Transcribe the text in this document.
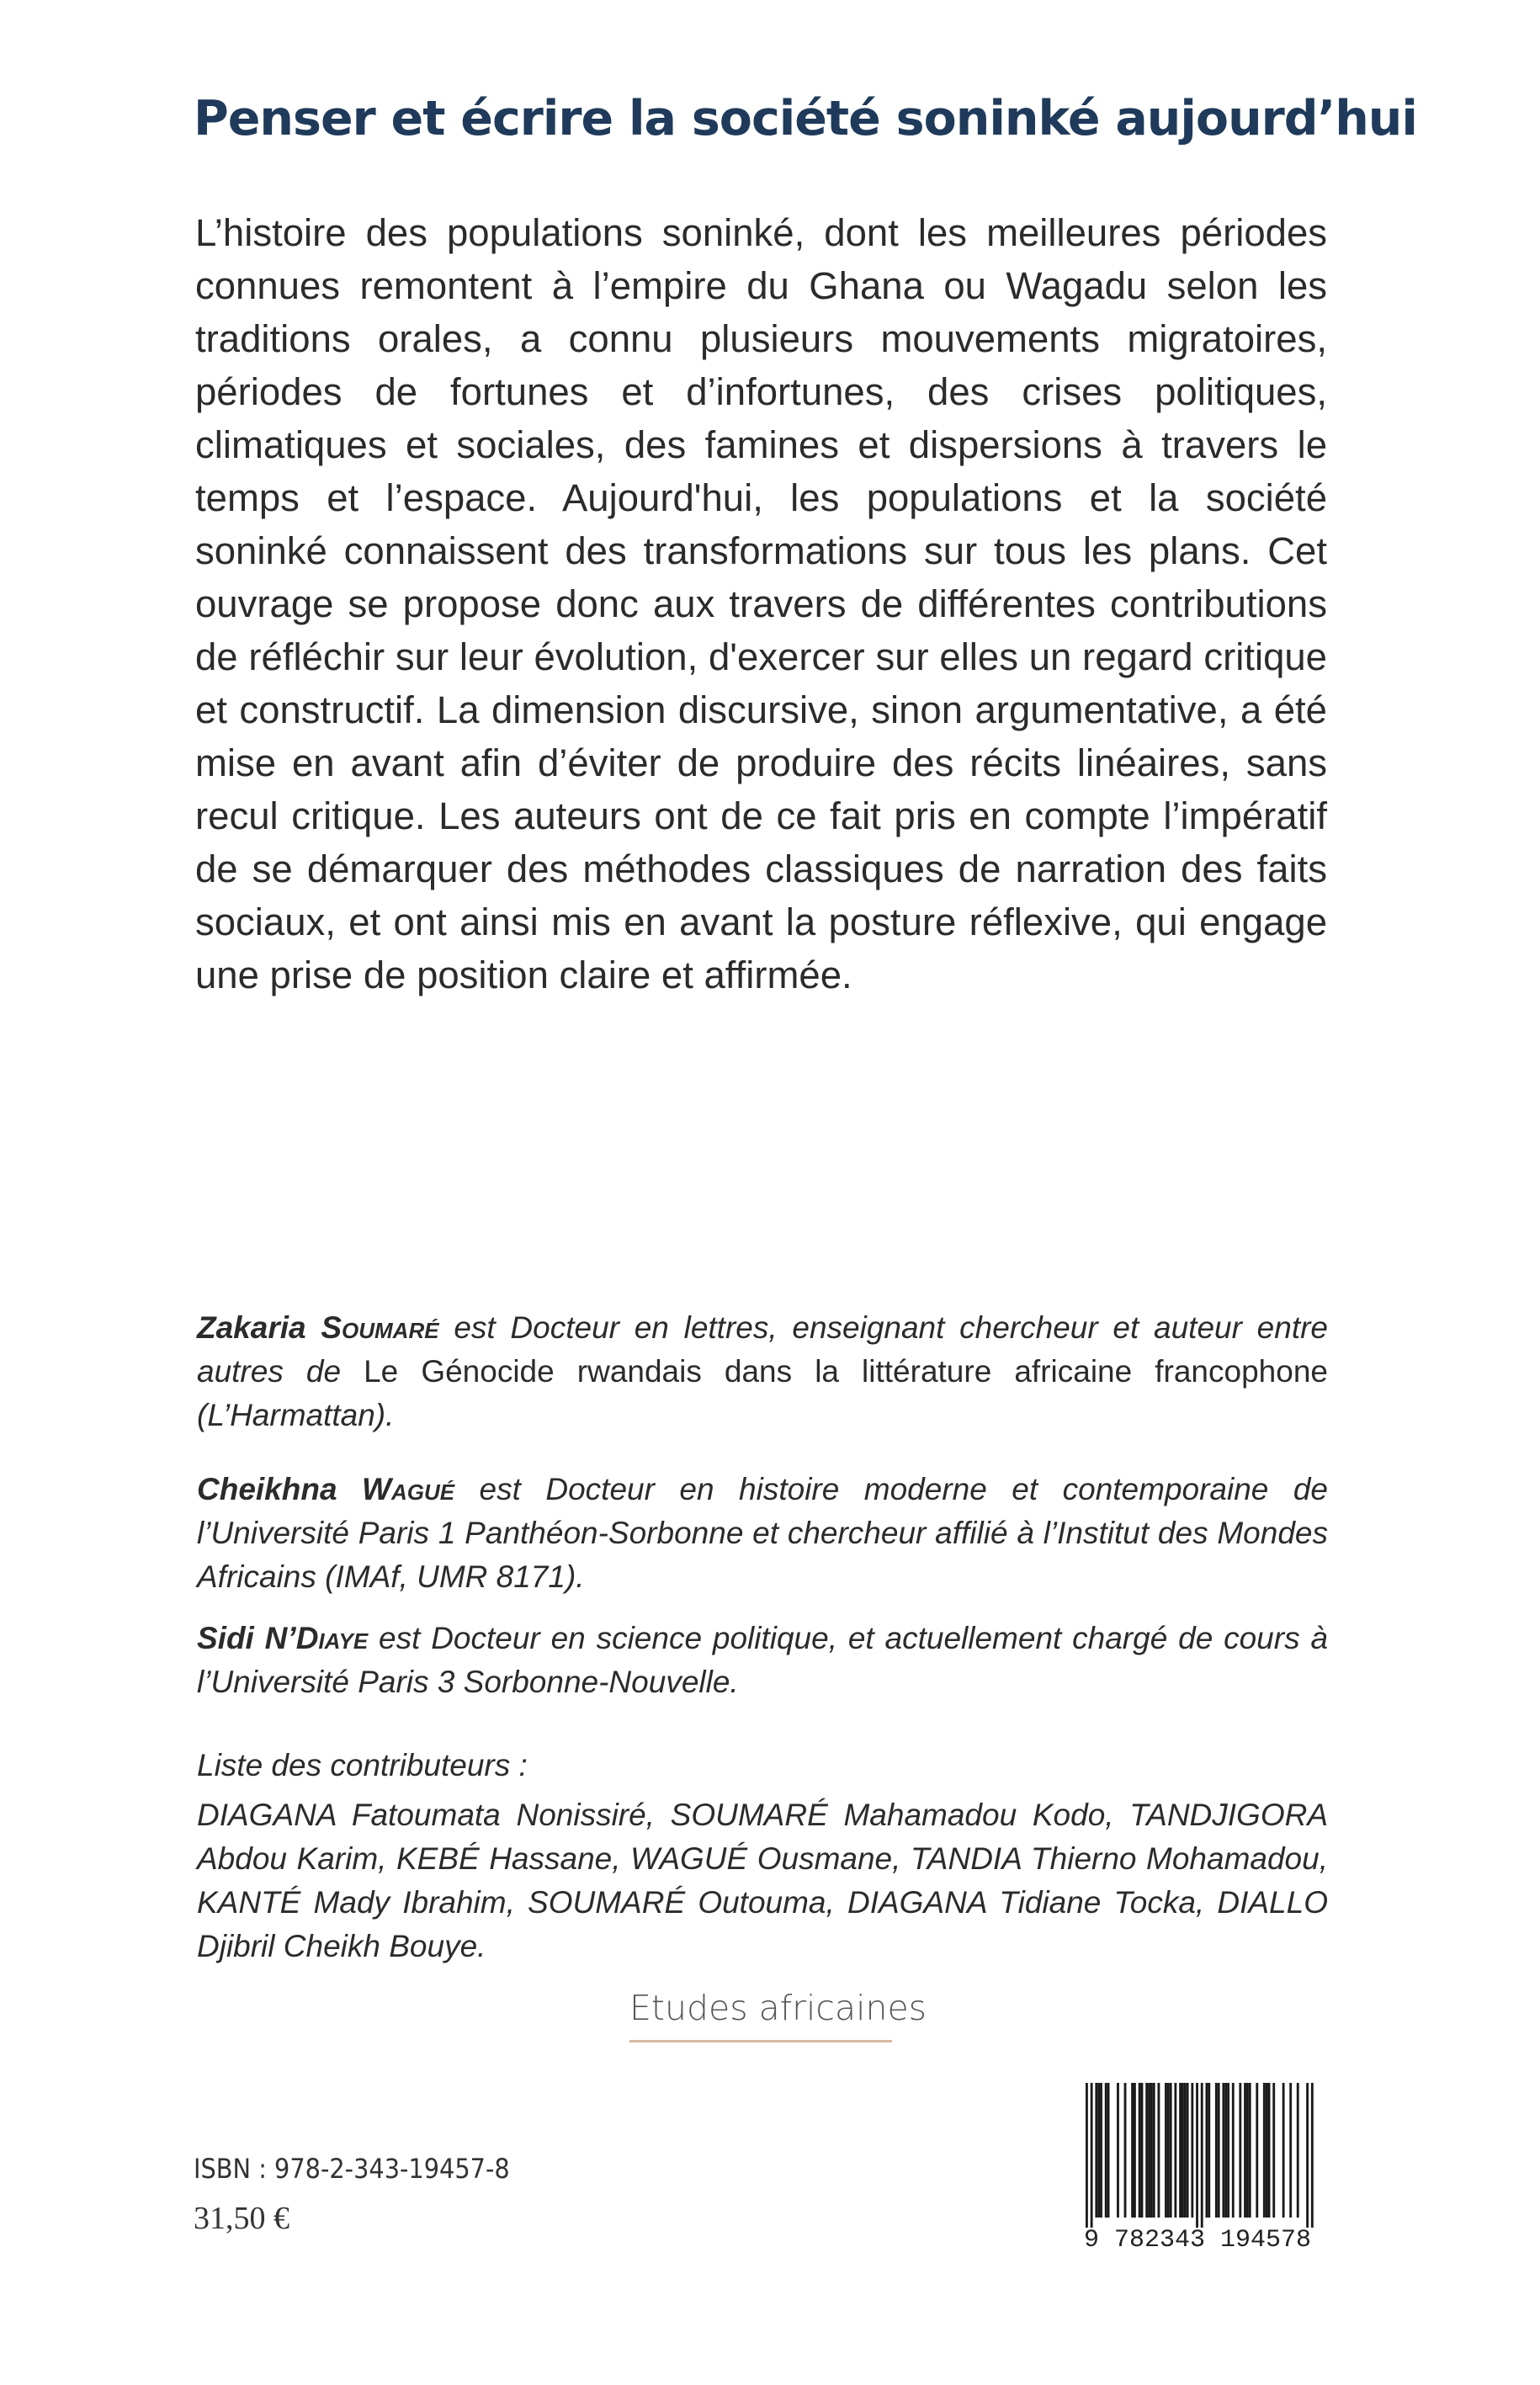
Penser et écrire la société soninké aujourd’hui

L’histoire des populations soninké, dont les meilleures périodes connues remontent à l’empire du Ghana ou Wagadu selon les traditions orales, a connu plusieurs mouvements migratoires, périodes de fortunes et d’infortunes, des crises politiques, climatiques et sociales, des famines et dispersions à travers le temps et l’espace. Aujourd'hui, les populations et la société soninké connaissent des transformations sur tous les plans. Cet ouvrage se propose donc aux travers de différentes contributions de réfléchir sur leur évolution, d'exercer sur elles un regard critique et constructif. La dimension discursive, sinon argumentative, a été mise en avant afin d’éviter de produire des récits linéaires, sans recul critique. Les auteurs ont de ce fait pris en compte l’impératif de se démarquer des méthodes classiques de narration des faits sociaux, et ont ainsi mis en avant la posture réflexive, qui engage une prise de position claire et affirmée.

Zakaria Soumaré est Docteur en lettres, enseignant chercheur et auteur entre autres de Le Génocide rwandais dans la littérature africaine francophone (L’Harmattan).

Cheikhna Wagué est Docteur en histoire moderne et contemporaine de l’Université Paris 1 Panthéon-Sorbonne et chercheur affilié à l’Institut des Mondes Africains (IMAf, UMR 8171).

Sidi N’Diaye est Docteur en science politique, et actuellement chargé de cours à l’Université Paris 3 Sorbonne-Nouvelle.

Liste des contributeurs :

DIAGANA Fatoumata Nonissiré, SOUMARÉ Mahamadou Kodo, TANDJIGORA Abdou Karim, KEBÉ Hassane, WAGUÉ Ousmane, TANDIA Thierno Mohamadou, KANTÉ Mady Ibrahim, SOUMARÉ Outouma, DIAGANA Tidiane Tocka, DIALLO Djibril Cheikh Bouye.

Etudes africaines
ISBN : 978-2-343-19457-8
31,50 €
9 782343 194578
